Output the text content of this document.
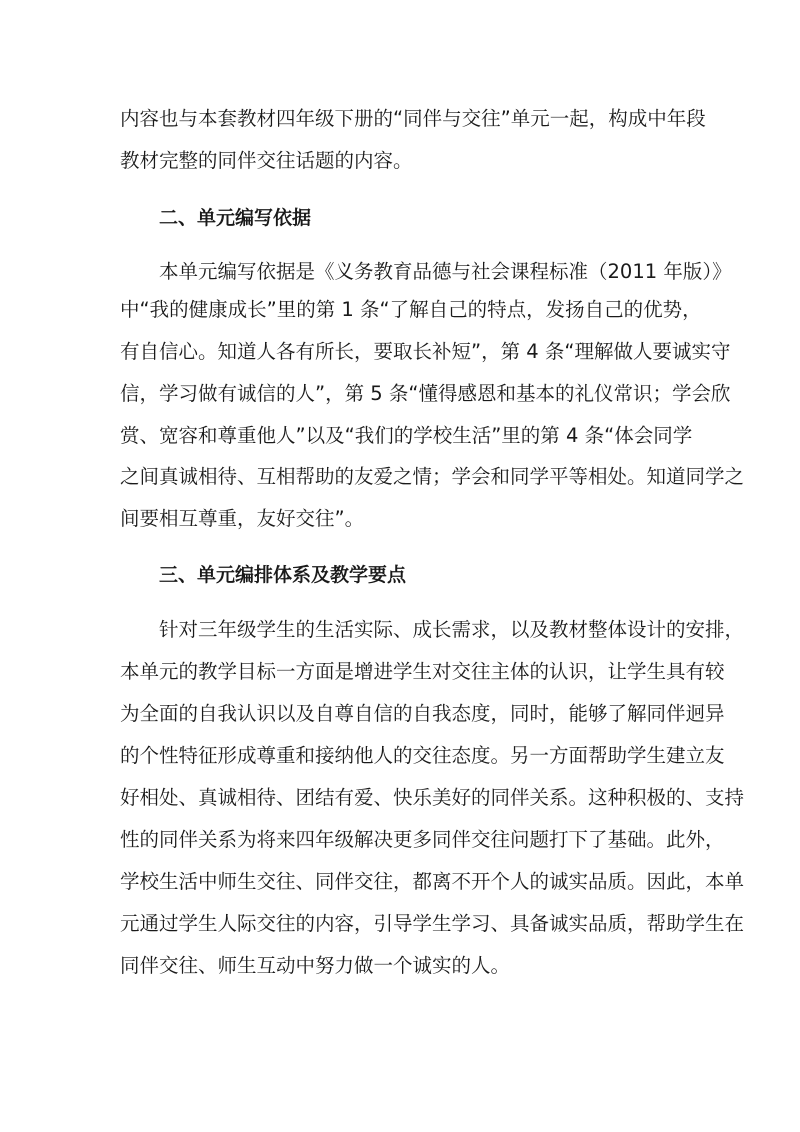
内容也与本套教材四年级下册的“同伴与交往”单元一起，构成中年段
教材完整的同伴交往话题的内容。
二、单元编写依据
本单元编写依据是《义务教育品德与社会课程标准（2011 年版）》
中“我的健康成长”里的第 1 条“了解自己的特点，发扬自己的优势，
有自信心。知道人各有所长，要取长补短”，第 4 条“理解做人要诚实守
信，学习做有诚信的人”，第 5 条“懂得感恩和基本的礼仪常识；学会欣
赏、宽容和尊重他人”以及“我们的学校生活”里的第 4 条“体会同学
之间真诚相待、互相帮助的友爱之情；学会和同学平等相处。知道同学之
间要相互尊重，友好交往”。
三、单元编排体系及教学要点
针对三年级学生的生活实际、成长需求，以及教材整体设计的安排，
本单元的教学目标一方面是增进学生对交往主体的认识，让学生具有较
为全面的自我认识以及自尊自信的自我态度，同时，能够了解同伴迥异
的个性特征形成尊重和接纳他人的交往态度。另一方面帮助学生建立友
好相处、真诚相待、团结有爱、快乐美好的同伴关系。这种积极的、支持
性的同伴关系为将来四年级解决更多同伴交往问题打下了基础。此外，
学校生活中师生交往、同伴交往，都离不开个人的诚实品质。因此，本单
元通过学生人际交往的内容，引导学生学习、具备诚实品质，帮助学生在
同伴交往、师生互动中努力做一个诚实的人。
